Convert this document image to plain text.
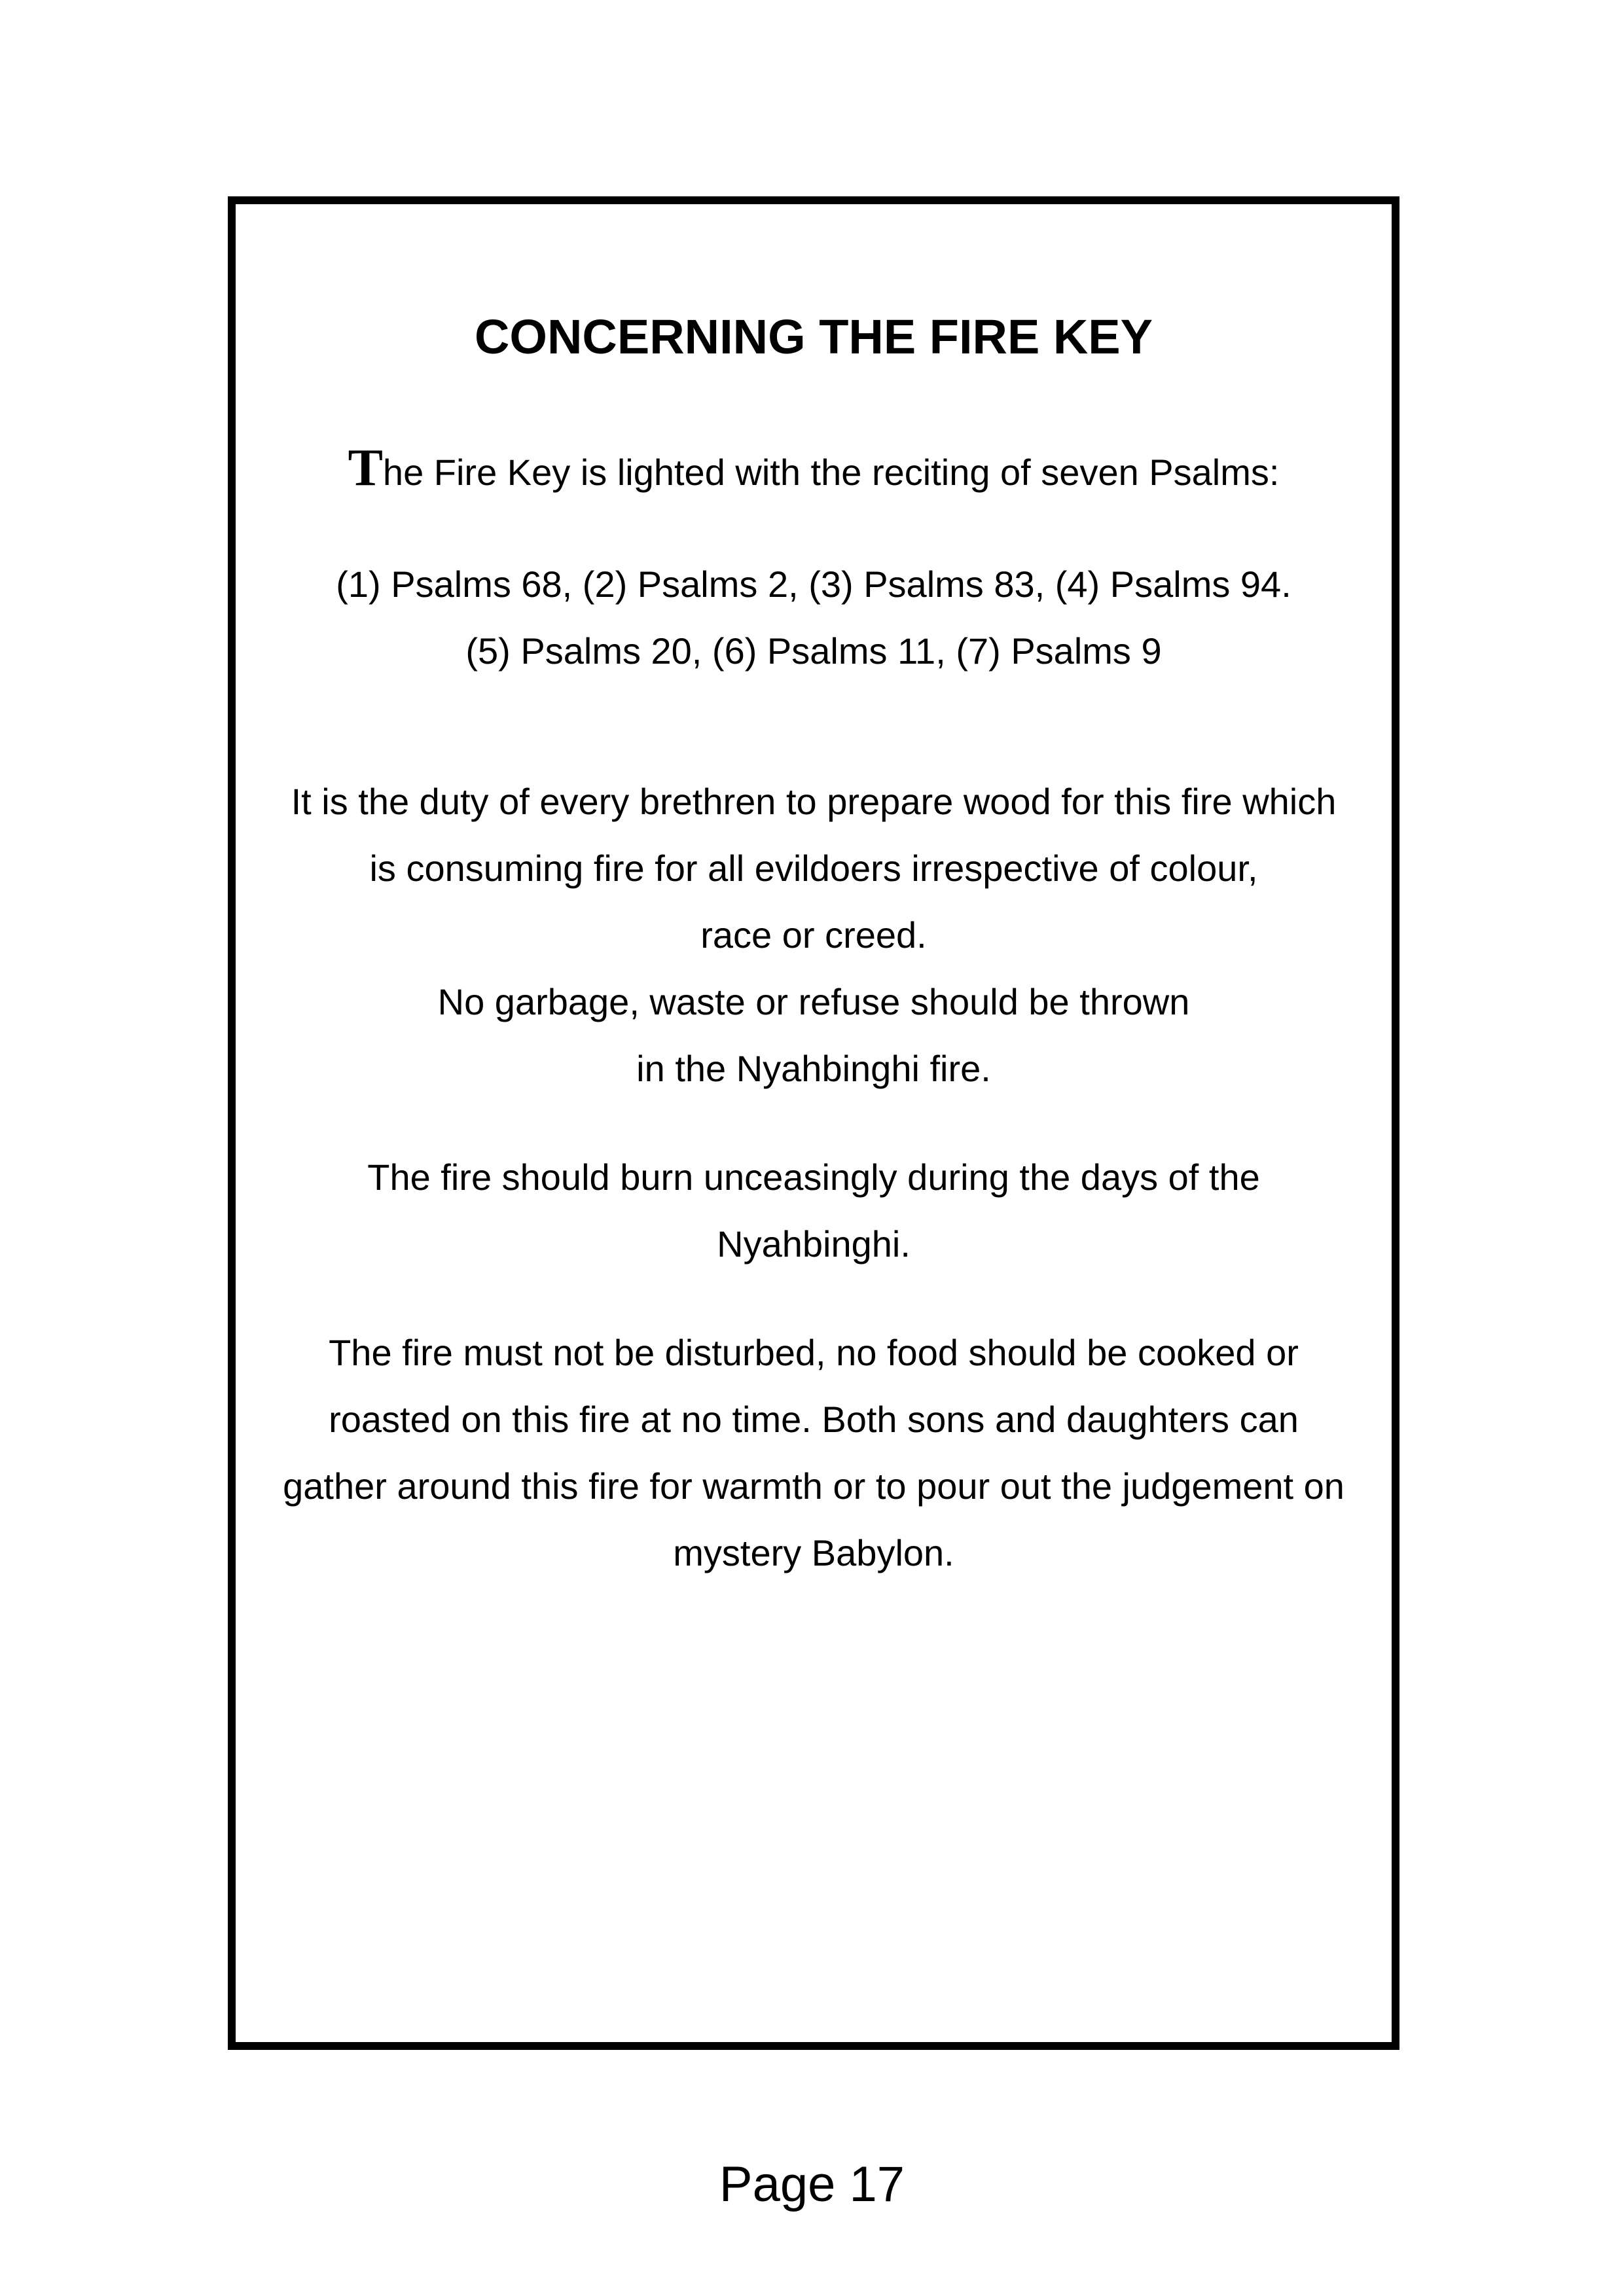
CONCERNING THE FIRE KEY

The Fire Key is lighted with the reciting of seven Psalms:

(1) Psalms 68, (2) Psalms 2, (3) Psalms 83, (4) Psalms 94.
(5) Psalms 20, (6) Psalms 11, (7) Psalms 9

It is the duty of every brethren to prepare wood for this fire which
is consuming fire for all evildoers irrespective of colour,
race or creed.
No garbage, waste or refuse should be thrown
in the Nyahbinghi fire.

The fire should burn unceasingly during the days of the
Nyahbinghi.

The fire must not be disturbed, no food should be cooked or
roasted on this fire at no time. Both sons and daughters can
gather around this fire for warmth or to pour out the judgement on
mystery Babylon.

Page 17
